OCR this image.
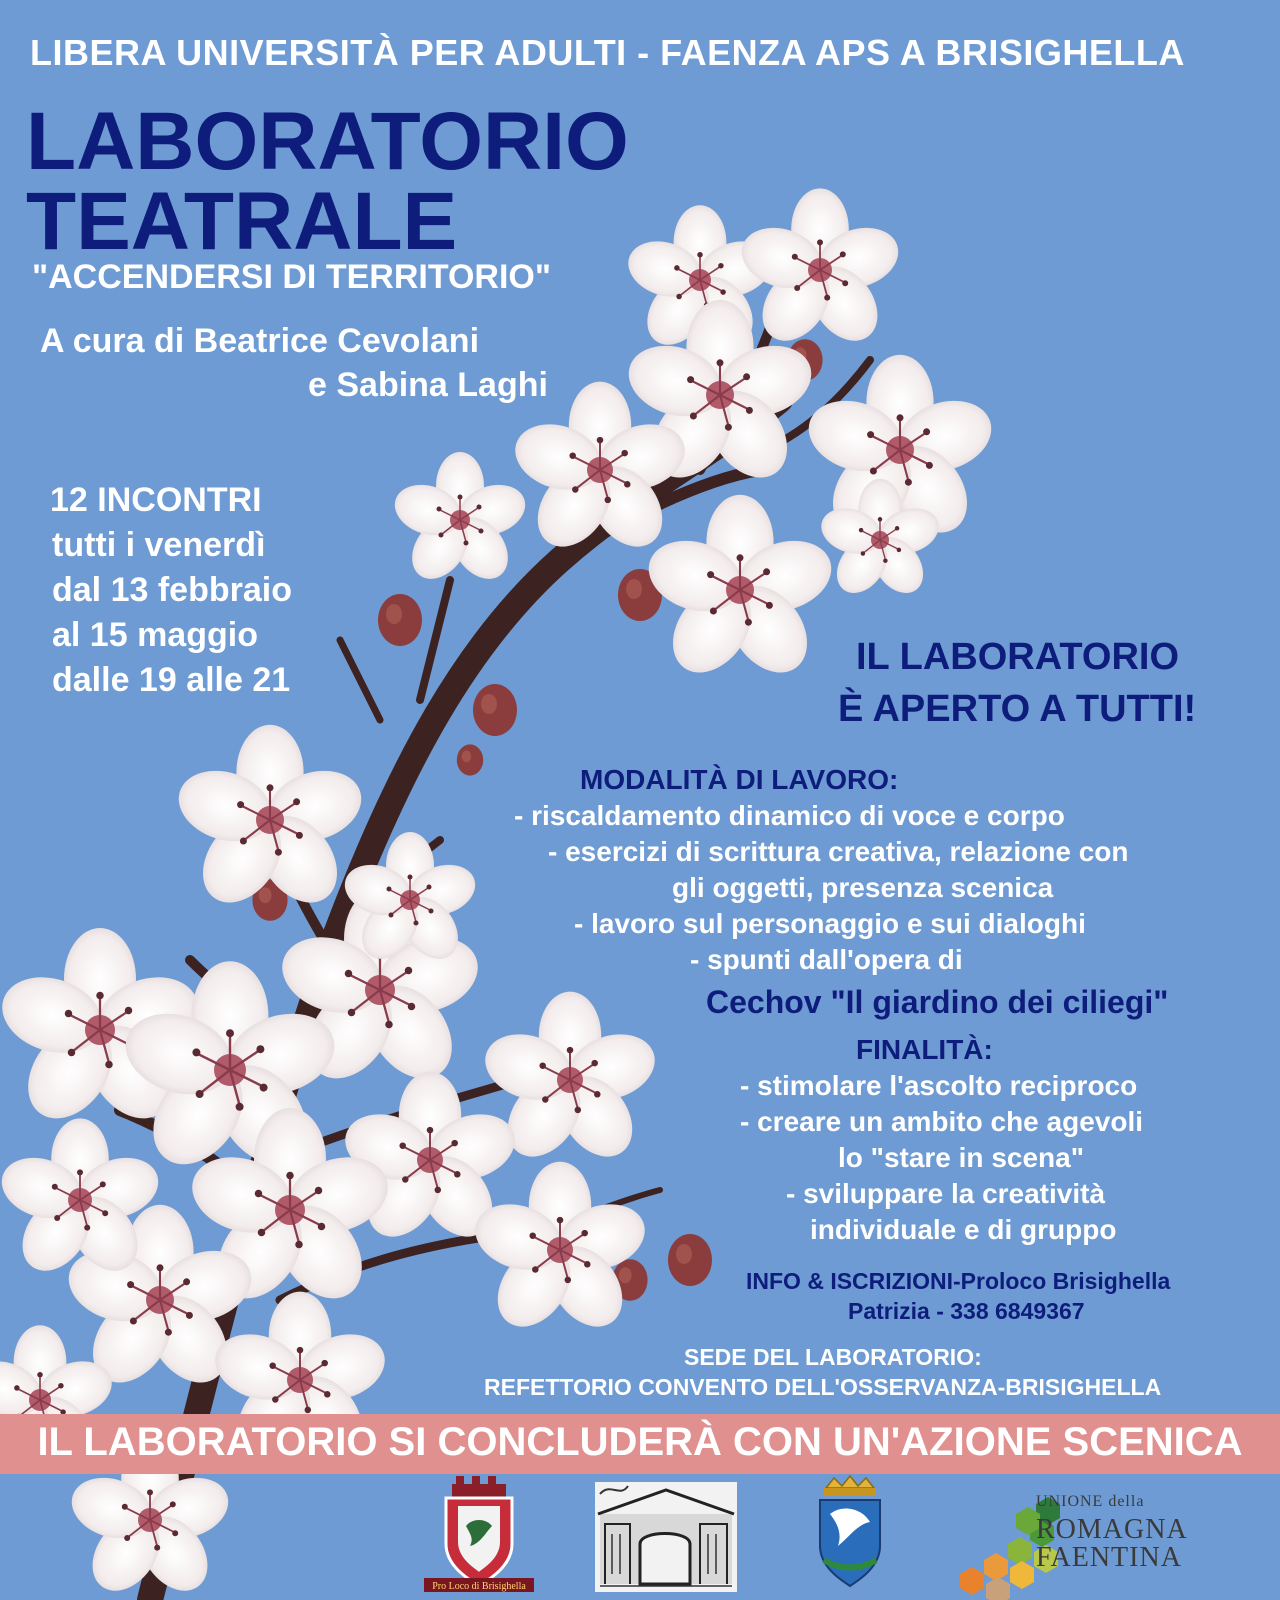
LIBERA UNIVERSITÀ PER ADULTI - FAENZA APS A BRISIGHELLA
LABORATORIO
TEATRALE
"ACCENDERSI DI TERRITORIO"
A cura di Beatrice Cevolani
e Sabina Laghi
12 INCONTRI
tutti i venerdì
dal 13 febbraio
al 15 maggio
dalle 19 alle 21
IL LABORATORIO
È APERTO A TUTTI!
MODALITÀ DI LAVORO:
- riscaldamento dinamico di voce e corpo
- esercizi di scrittura creativa, relazione con
gli oggetti, presenza scenica
- lavoro sul personaggio e sui dialoghi
- spunti dall'opera di
Cechov "Il giardino dei ciliegi"
FINALITÀ:
- stimolare l'ascolto reciproco
- creare un ambito che agevoli
lo "stare in scena"
- sviluppare la creatività
individuale e di gruppo
INFO & ISCRIZIONI-Proloco Brisighella
Patrizia - 338 6849367
SEDE DEL LABORATORIO:
REFETTORIO CONVENTO DELL'OSSERVANZA-BRISIGHELLA
IL LABORATORIO SI CONCLUDERÀ CON UN'AZIONE SCENICA
Pro Loco di Brisighella
UNIONE della
ROMAGNA
FAENTINA
